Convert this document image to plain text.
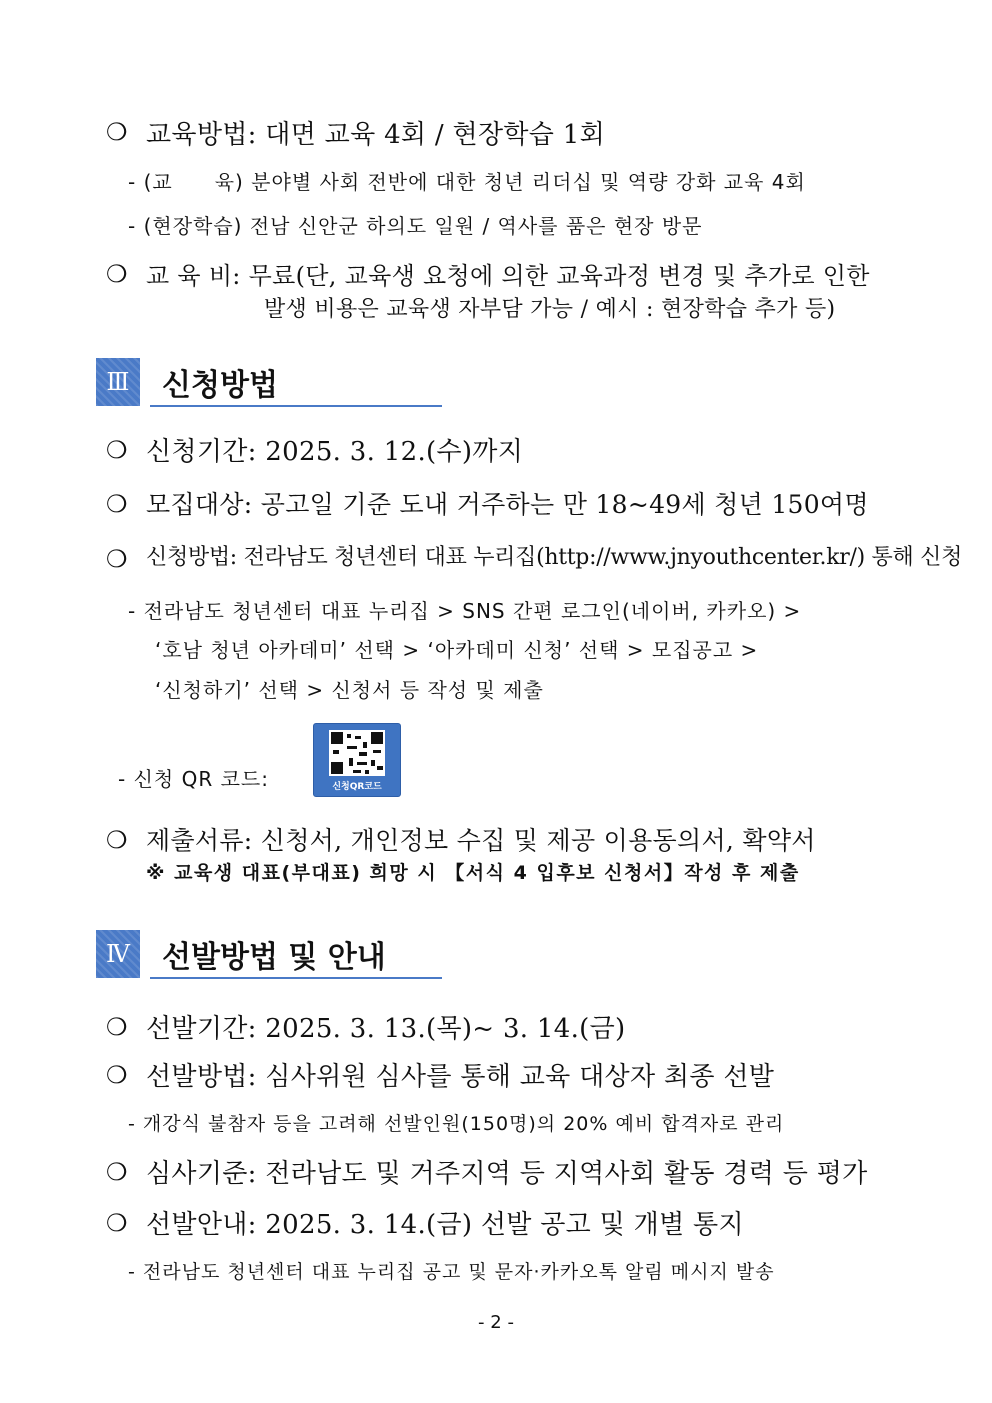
❍ 교육방법: 대면 교육 4회 / 현장학습 1회
- (교　　육) 분야별 사회 전반에 대한 청년 리더십 및 역량 강화 교육 4회
- (현장학습) 전남 신안군 하의도 일원 / 역사를 품은 현장 방문
❍ 교 육 비: 무료(단, 교육생 요청에 의한 교육과정 변경 및 추가로 인한
발생 비용은 교육생 자부담 가능 / 예시 : 현장학습 추가 등)
Ⅲ	신청방법
❍ 신청기간: 2025. 3. 12.(수)까지
❍ 모집대상: 공고일 기준 도내 거주하는 만 18~49세 청년 150여명
❍ 신청방법: 전라남도 청년센터 대표 누리집(http://www.jnyouthcenter.kr/) 통해 신청
- 전라남도 청년센터 대표 누리집 > SNS 간편 로그인(네이버, 카카오) >
‘호남 청년 아카데미’ 선택 > ‘아카데미 신청’ 선택 > 모집공고 >
‘신청하기’ 선택 > 신청서 등 작성 및 제출
- 신청 QR 코드:	신청QR코드
❍ 제출서류: 신청서, 개인정보 수집 및 제공 이용동의서, 확약서
※ 교육생 대표(부대표) 희망 시 【서식 4 입후보 신청서】작성 후 제출
Ⅳ	선발방법 및 안내
❍ 선발기간: 2025. 3. 13.(목)~ 3. 14.(금)
❍ 선발방법: 심사위원 심사를 통해 교육 대상자 최종 선발
- 개강식 불참자 등을 고려해 선발인원(150명)의 20% 예비 합격자로 관리
❍ 심사기준: 전라남도 및 거주지역 등 지역사회 활동 경력 등 평가
❍ 선발안내: 2025. 3. 14.(금) 선발 공고 및 개별 통지
- 전라남도 청년센터 대표 누리집 공고 및 문자·카카오톡 알림 메시지 발송
- 2 -
